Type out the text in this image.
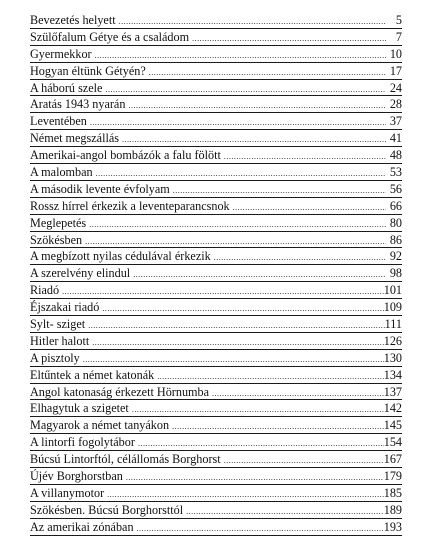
Bevezetés helyett .....	5
Szülőfalum Gétye és a családom .....	7
Gyermekkor .....	10
Hogyan éltünk Gétyén? .....	17
A háború szele .....	24
Aratás 1943 nyarán .....	28
Leventében .....	37
Német megszállás .....	41
Amerikai-angol bombázók a falu fölött .....	48
A malomban .....	53
A második levente évfolyam .....	56
Rossz hírrel érkezik a leventeparancsnok .....	66
Meglepetés .....	80
Szökésben .....	86
A megbízott nyilas cédulával érkezik .....	92
A szerelvény elindul .....	98
Riadó .....	101
Éjszakai riadó .....	109
Sylt- sziget .....	111
Hitler halott .....	126
A pisztoly .....	130
Eltűntek a német katonák .....	134
Angol katonaság érkezett Hörnumba .....	137
Elhagytuk a szigetet .....	142
Magyarok a német tanyákon .....	145
A lintorfi fogolytábor .....	154
Búcsú Lintorftól, célállomás Borghorst .....	167
Újév Borghorstban .....	179
A villanymotor .....	185
Szökésben. Búcsú Borghorsttól .....	189
Az amerikai zónában .....	193
